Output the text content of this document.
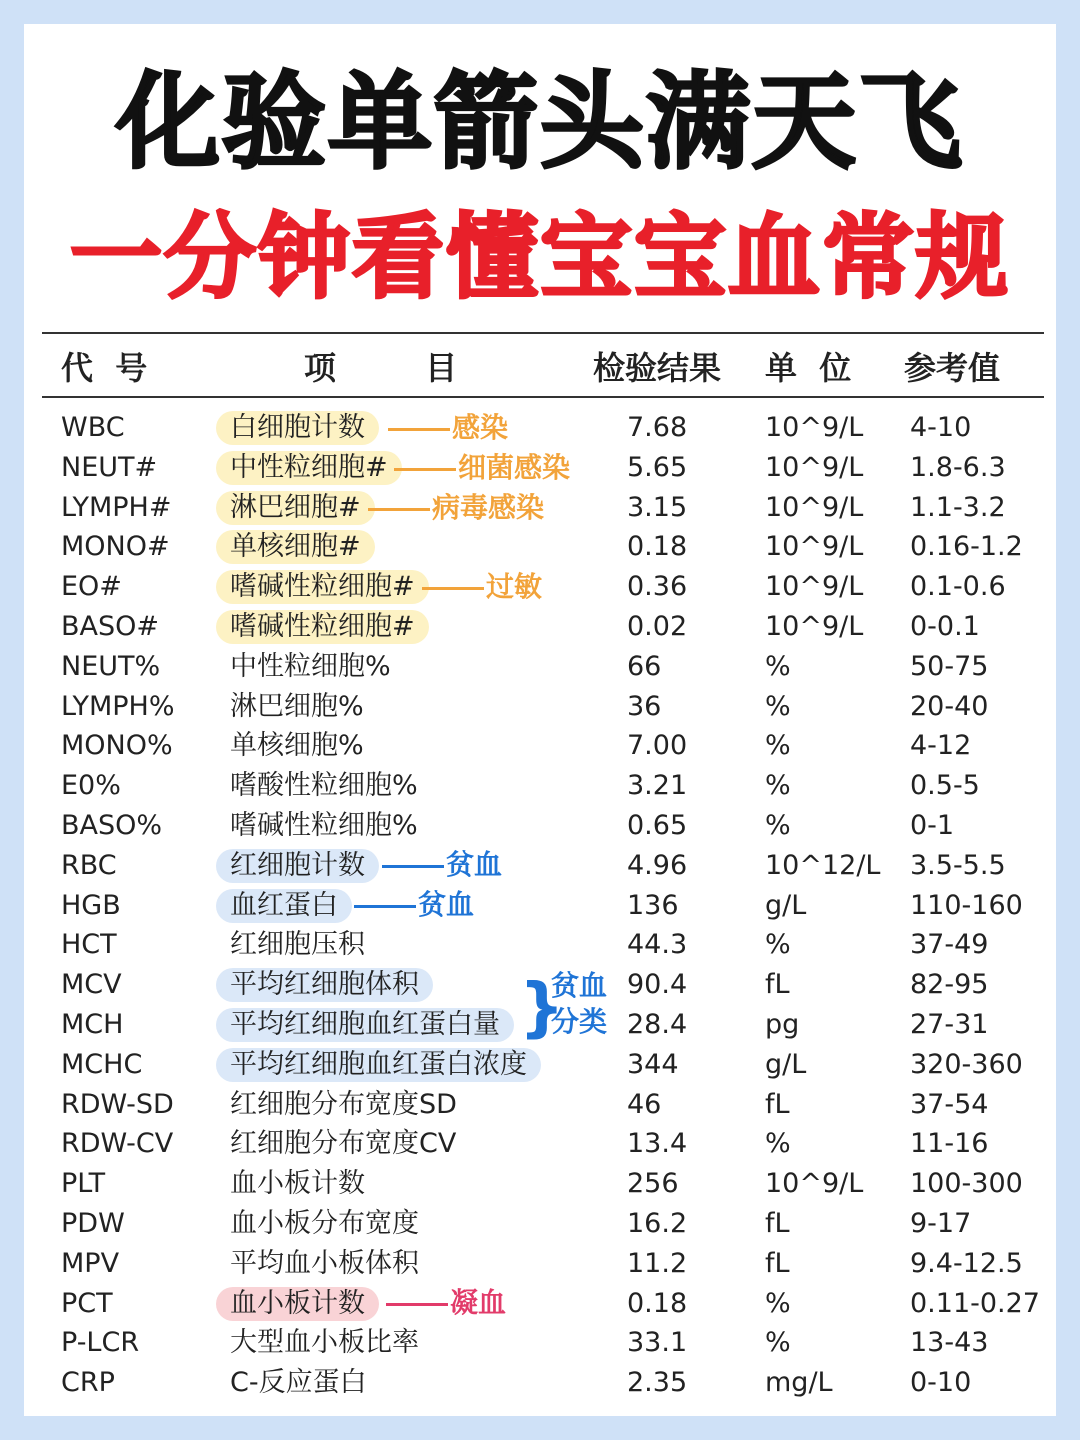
化验单箭头满天飞
一分钟看懂宝宝血常规
代  号	项        目	检验结果 单  位 参考值
WBC	白细胞计数	7.68	10^9/L 4-10
NEUT#	中性粒细胞#	5.65	10^9/L 1.8-6.3
LYMPH#	淋巴细胞#	3.15	10^9/L 1.1-3.2
MONO#	单核细胞#	0.18	10^9/L 0.16-1.2
EO#	嗜碱性粒细胞#	0.36	10^9/L 0.1-0.6
BASO#	嗜碱性粒细胞#	0.02	10^9/L 0-0.1
NEUT%	中性粒细胞%	66	%	50-75
LYMPH%	淋巴细胞%	36	%	20-40
MONO%	单核细胞%	7.00	%	4-12
E0%	嗜酸性粒细胞%	3.21	%	0.5-5
BASO%	嗜碱性粒细胞%	0.65	%	0-1
RBC	红细胞计数	4.96	10^12/L 3.5-5.5
HGB	血红蛋白	136	g/L	110-160
HCT	红细胞压积	44.3	%	37-49
MCV	平均红细胞体积	90.4	fL	82-95
MCH	平均红细胞血红蛋白量	28.4	pg	27-31
MCHC	平均红细胞血红蛋白浓度	344	g/L	320-360
RDW-SD	红细胞分布宽度SD	46	fL	37-54
RDW-CV	红细胞分布宽度CV	13.4	%	11-16
PLT	血小板计数	256	10^9/L 100-300
PDW	血小板分布宽度	16.2	fL	9-17
MPV	平均血小板体积	11.2	fL	9.4-12.5
PCT	血小板计数	0.18	%	0.11-0.27
P-LCR	大型血小板比率	33.1	%	13-43
CRP	C-反应蛋白	2.35	mg/L	0-10
感染
细菌感染
病毒感染
过敏
贫血
贫血
凝血
}
贫血分类
